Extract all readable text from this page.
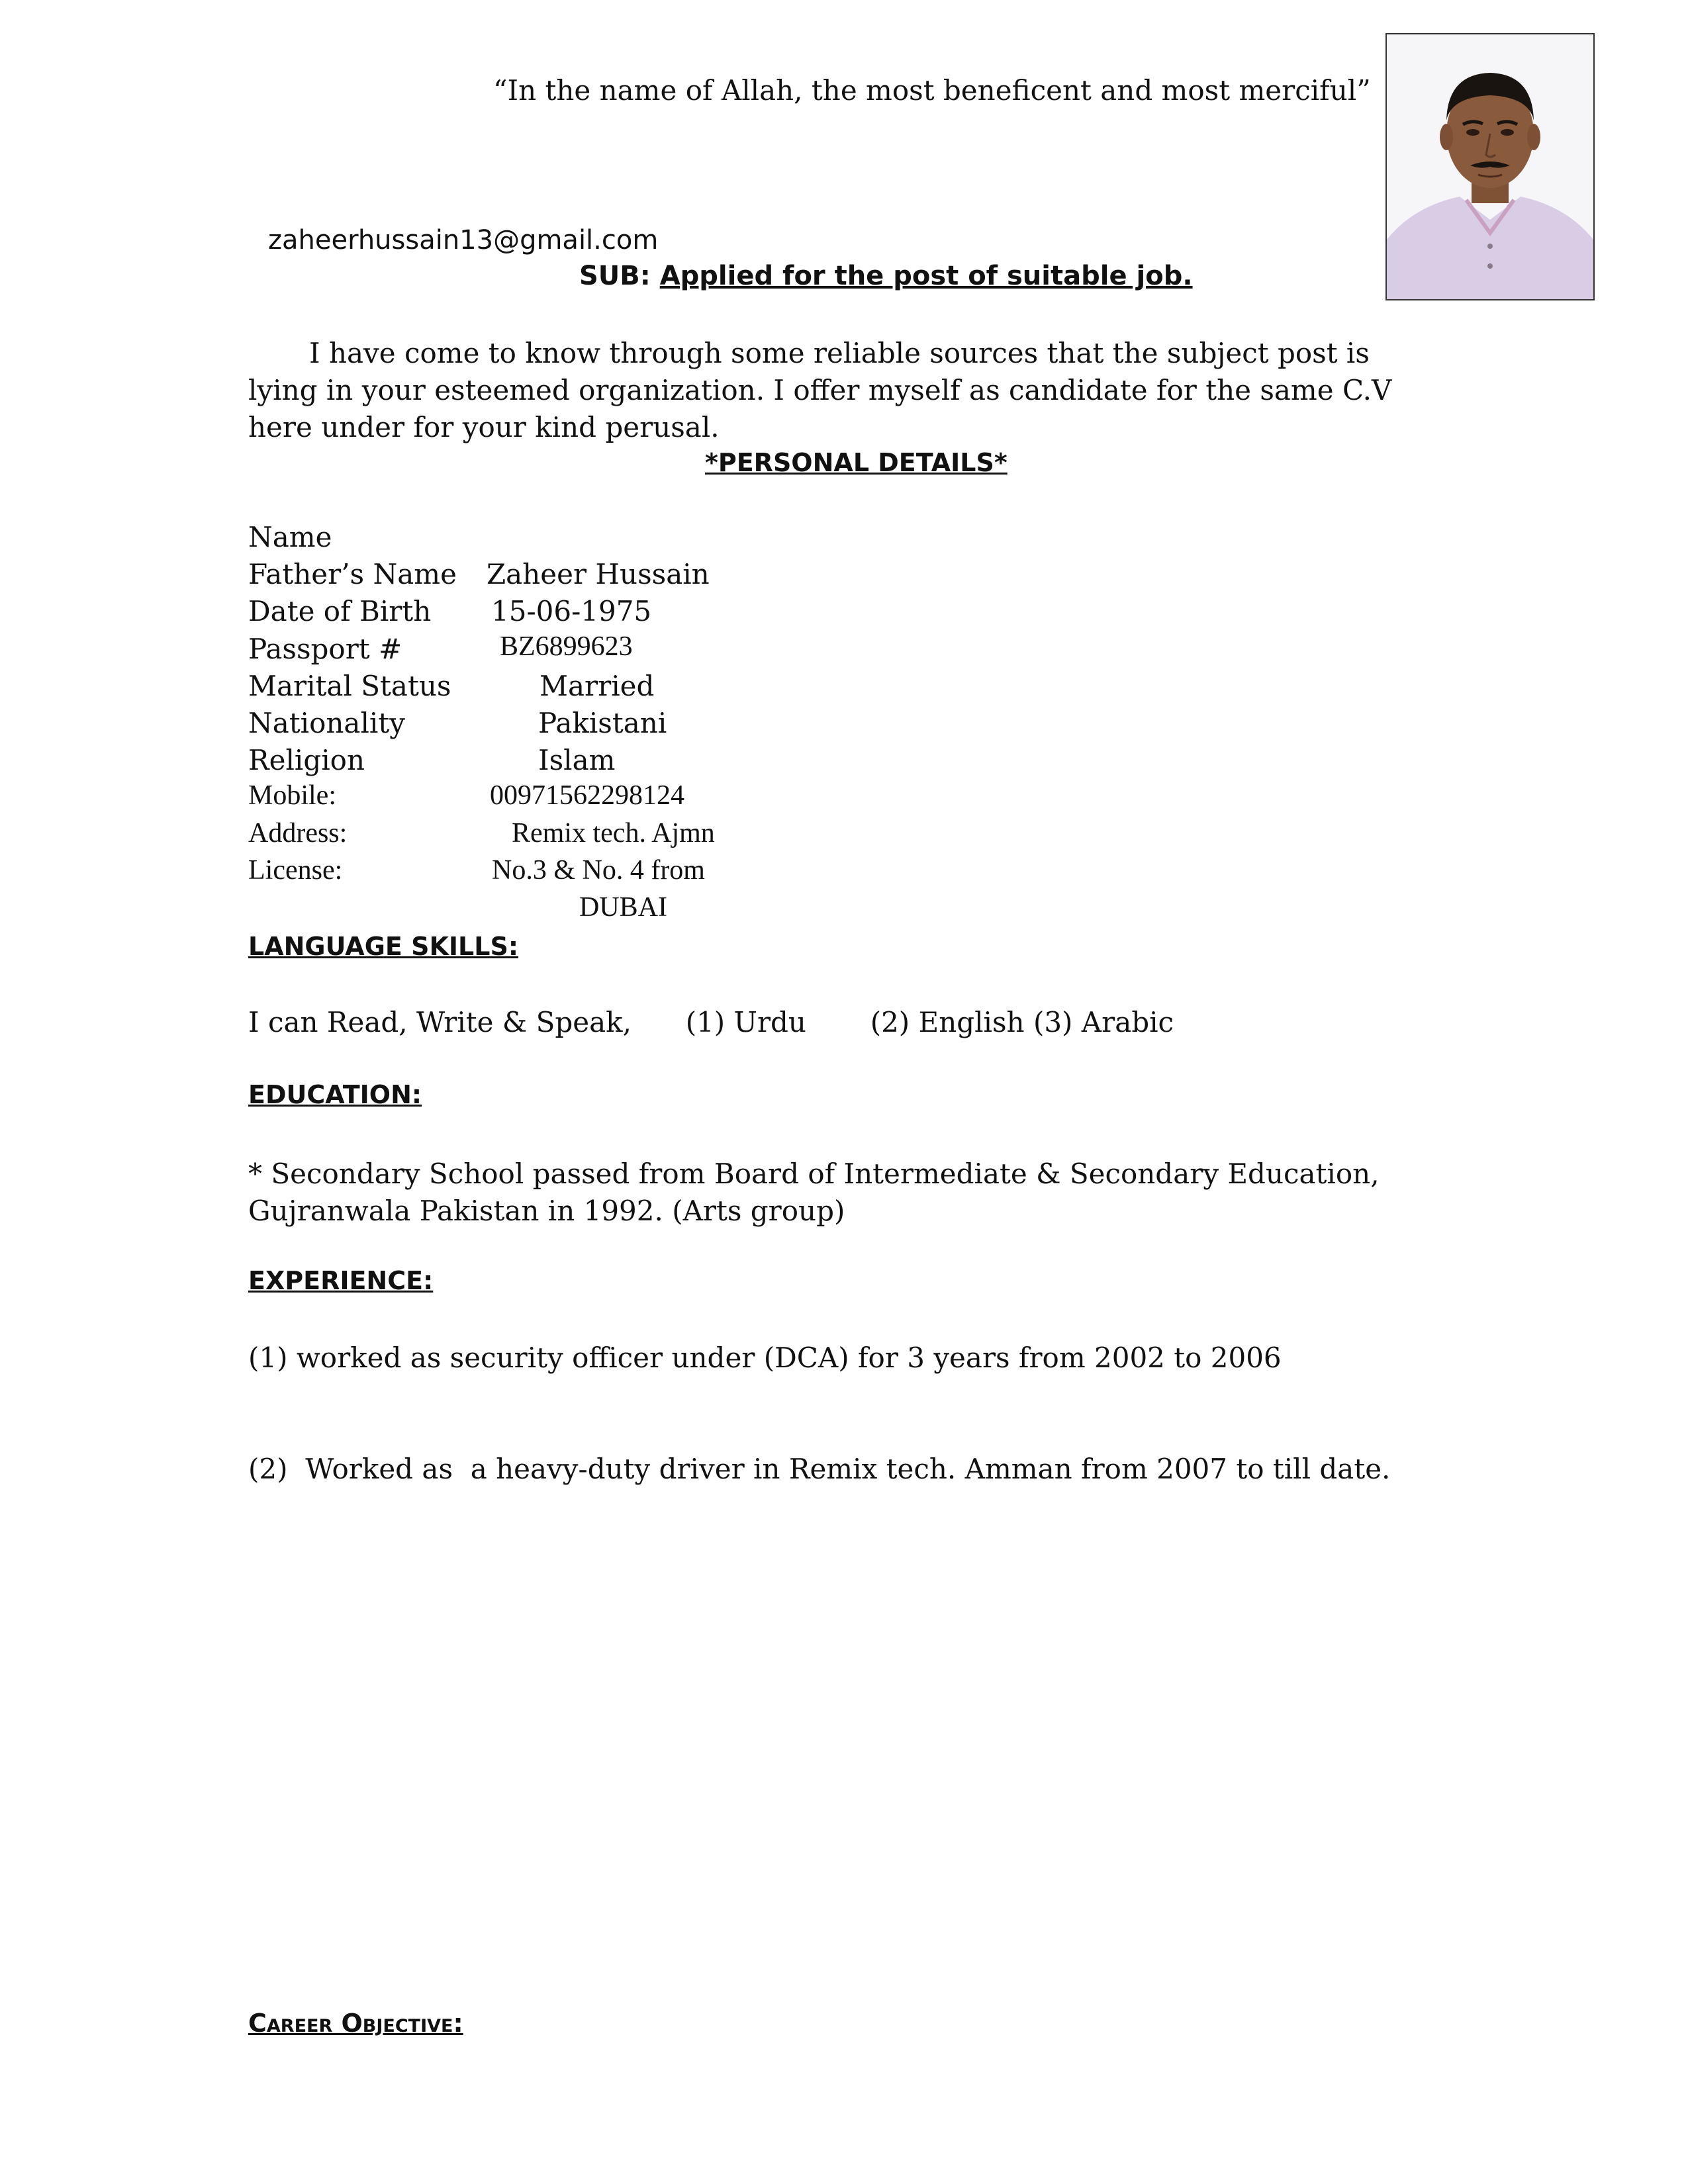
“In the name of Allah, the most beneficent and most merciful”
zaheerhussain13@gmail.com
SUB: Applied for the post of suitable job.
I have come to know through some reliable sources that the subject post is lying in your esteemed organization. I offer myself as candidate for the same C.V here under for your kind perusal.
*PERSONAL DETAILS*
Name
Father’s Name Zaheer Hussain
Date of Birth 15-06-1975
Passport #	BZ6899623
Marital Status	Married
Nationality	Pakistani
Religion	Islam
Mobile:	00971562298124
Address:	Remix tech. Ajmn
License:	No.3 & No. 4 from
DUBAI
LANGUAGE SKILLS:
I can Read, Write & Speak, (1) Urdu (2) English (3) Arabic
EDUCATION:
* Secondary School passed from Board of Intermediate & Secondary Education, Gujranwala Pakistan in 1992. (Arts group)
EXPERIENCE:
(1) worked as security officer under (DCA) for 3 years from 2002 to 2006
(2)  Worked as  a heavy-duty driver in Remix tech. Amman from 2007 to till date.
Career Objective:
